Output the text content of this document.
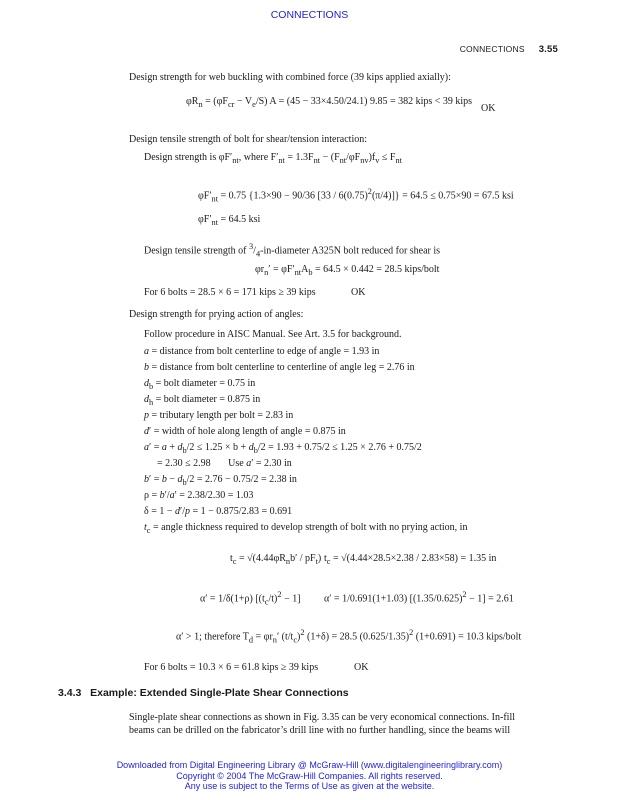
CONNECTIONS
CONNECTIONS 3.55
Design strength for web buckling with combined force (39 kips applied axially):
$\varphi R_n = (\varphi F_{cr} - V_e/S) A = (45 - 33\times 4.50/24.1) 9.85 = 382$ kips < 39 kips
OK
Design tensile strength of bolt for shear/tension interaction:
Design strength is $\varphi F'_{nt}$, where $F'_{nt} = 1.3F_{nt} - (F_{nt}/\varphi F_{nv})f_v \le F_{nt}$
$\varphi F'_{nt} = 0.75$ {1.3×90 − 90/36 $[33 / 6(0.75)^2(\pi/4)]\} = 64.5 \le 0.75\times 90 = 67.5$ ksi
$\varphi F'_{nt} = 64.5$ ksi
Design tensile strength of $^3/_4-in$-diameter A325N bolt reduced for shear is
$\varphi r_n' = \varphi F'_{nt}A_b = 64.5 \times 0.442 = 28.5$ kips/bolt
For 6 bolts = 28.5 × 6 = 171 kips ≥ 39 kips	OK
Design strength for prying action of angles:
Follow procedure in AISC Manual. See Art. 3.5 for background.
a = distance from bolt centerline to edge of angle = 1.93 in
b = distance from bolt centerline to centerline of angle leg = 2.76 in
$d_b$ = bolt diameter = 0.75 in
$d_h$ = bolt diameter = 0.875 in
p = tributary length per bolt = 2.83 in
d′ = width of hole along length of angle = 0.875 in
$a' = a + d_b/2 \le 1.25 \times b + d_b/2 = 1.93 + 0.75/2 \le 1.25 \times 2.76 + 0.75/2$
= 2.30 ≤ 2.98       Use a′ = 2.30 in
$b' = b - d_b/2 = 2.76 - 0.75/2 = 2.38$ in
ρ = b′/a′ = 2.38/2.30 = 1.03
δ = 1 − d′/p = 1 − 0.875/2.83 = 0.691
$t_c$ = angle thickness required to develop strength of bolt with no prying action, in
$t_c = √(4.44\varphi R_nb' / pF_t) t_c = √(4.44\times 28.5\times 2.38 / 2.83\times 58) = 1.35$ in
α′ = 1/δ(1+ρ) $[(t_c/t)^2 - 1] \alpha' = 1/0.691(1+1.03) [(1.35/0.625)^2 - 1] = 2.61$
α′ > 1; therefore $T_d = \varphi r_n'$ $(t/t_c)^2$ (1+δ) = 28.5 $(0.625/1.35)^2$ (1+0.691) = 10.3 kips/bolt
For 6 bolts = 10.3 × 6 = 61.8 kips ≥ 39 kips	OK
3.4.3 Example: Extended Single-Plate Shear Connections
Single-plate shear connections as shown in Fig. 3.35 can be very economical connections. In-fill
beams can be drilled on the fabricator’s drill line with no further handling, since the beams will
Downloaded from Digital Engineering Library @ McGraw-Hill (www.digitalengineeringlibrary.com)
Copyright © 2004 The McGraw-Hill Companies. All rights reserved.
Any use is subject to the Terms of Use as given at the website.
